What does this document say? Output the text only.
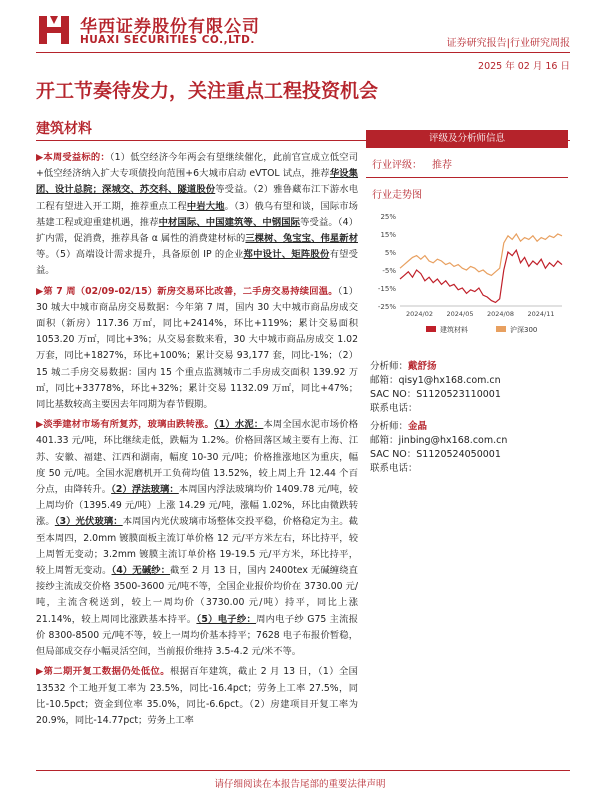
华西证券股份有限公司
HUAXI SECURITIES CO.,LTD.	证券研究报告|行业研究周报
2025 年 02 月 16 日
开工节奏待发力，关注重点工程投资机会
建筑材料

▶本周受益标的：（1）低空经济今年两会有望继续催化，此前官宣成立低空司+低空经济纳入扩大专项债投向范围+6大城市启动 eVTOL 试点，推荐华设集团、设计总院；深城交、苏交科、隧道股份等受益。（2）雅鲁藏布江下游水电工程有望进入开工期，推荐重点工程中岩大地。（3）俄乌有望和谈，国际市场基建工程或迎重建机遇，推荐中材国际、中国建筑等、中钢国际等受益。（4）扩内需，促消费，推荐具备 α 属性的消费建材标的三棵树、兔宝宝、伟星新材等。（5）高端设计需求提升，具备原创 IP 的企业郑中设计、矩阵股份有望受益。

▶第 7 周（02/09-02/15）新房交易环比改善，二手房交易持续回温。（1）30 城大中城市商品房交易数据：今年第 7 周，国内 30 大中城市商品房成交面积（新房）117.36 万㎡，同比+2414%，环比+119%；累计交易面积 1053.20 万㎡，同比+3%；从交易套数来看，30 大中城市商品房成交 1.02 万套，同比+1827%，环比+100%；累计交易 93,177 套，同比-1%；（2）15 城二手房交易数据：国内 15 个重点监测城市二手房成交面积 139.92 万㎡，同比+33778%，环比+32%；累计交易 1132.09 万㎡，同比+47%；同比基数较高主要因去年同期为春节假期。

▶淡季建材市场有所复苏，玻璃由跌转涨。（1）水泥：本周全国水泥市场价格 401.33 元/吨，环比继续走低，跌幅为 1.2%。价格回落区域主要有上海、江苏、安徽、福建、江西和湖南，幅度 10-30 元/吨；价格推涨地区为重庆，幅度 50 元/吨。全国水泥磨机开工负荷均值 13.52%，较上周上升 12.44 个百分点，由降转升。（2）浮法玻璃：本周国内浮法玻璃均价 1409.78 元/吨，较上周均价（1395.49 元/吨）上涨 14.29 元/吨，涨幅 1.02%，环比由微跌转涨。（3）光伏玻璃：本周国内光伏玻璃市场整体交投平稳，价格稳定为主。截至本周四，2.0mm 镀膜面板主流订单价格 12 元/平方米左右，环比持平，较上周暂无变动；3.2mm 镀膜主流订单价格 19-19.5 元/平方米，环比持平，较上周暂无变动。（4）无碱纱：截至 2 月 13 日，国内 2400tex 无碱缠绕直接纱主流成交价格 3500-3600 元/吨不等，全国企业报价均价在 3730.00 元/吨，主流含税送到，较上一周均价（3730.00 元/吨）持平，同比上涨 21.14%，较上周同比涨跌基本持平。（5）电子纱：周内电子纱 G75 主流报价 8300-8500 元/吨不等，较上一周均价基本持平；7628 电子布报价暂稳，但局部成交存小幅灵活空间，当前报价维持 3.5-4.2 元/米不等。

▶第二期开复工数据仍处低位。根据百年建筑，截止 2 月 13 日，（1）全国 13532 个工地开复工率为 23.5%，同比-16.4pct；劳务上工率 27.5%，同比-10.5pct；资金到位率 35.0%，同比-6.6pct。（2）房建项目开复工率为 20.9%，同比-14.77pct；劳务上工率

评级及分析师信息
行业评级： 推荐
行业走势图
25%
15%
5%
-5%
-15%
-25%
2024/02 2024/05 2024/08 2024/11
建筑材料	沪深300
分析师：戴舒扬
邮箱：qisy1@hx168.com.cn
SAC NO：S1120523110001
联系电话：
分析师：金晶
邮箱：jinbing@hx168.com.cn
SAC NO：S1120524050001
联系电话：
请仔细阅读在本报告尾部的重要法律声明
